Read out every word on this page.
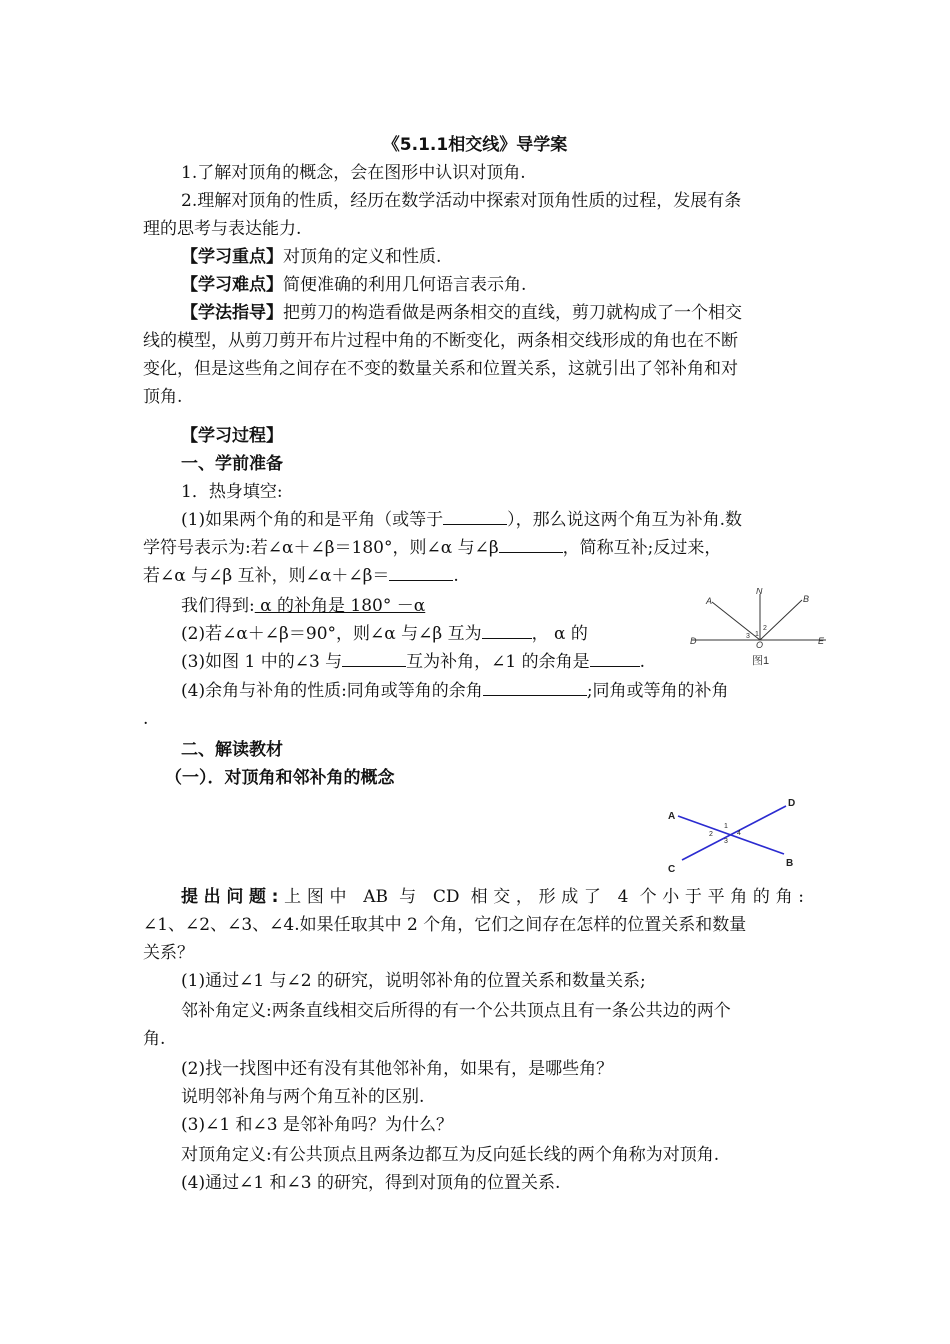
《5.1.1相交线》导学案
1.了解对顶角的概念，会在图形中认识对顶角.
2.理解对顶角的性质，经历在数学活动中探索对顶角性质的过程，发展有条
理的思考与表达能力.
【学习重点】对顶角的定义和性质.
【学习难点】简便准确的利用几何语言表示角.
【学法指导】把剪刀的构造看做是两条相交的直线，剪刀就构成了一个相交
线的模型，从剪刀剪开布片过程中角的不断变化，两条相交线形成的角也在不断
变化，但是这些角之间存在不变的数量关系和位置关系，这就引出了邻补角和对
顶角.
【学习过程】
一、学前准备
1．热身填空:
(1)如果两个角的和是平角（或等于	），那么说这两个角互为补角.数
学符号表示为:若∠α＋∠β＝180°，则∠α 与∠β	，简称互补;反过来，
若∠α 与∠β 互补，则∠α＋∠β＝	.
我们得到: α 的补角是 180° －α
(2)若∠α＋∠β＝90°，则∠α 与∠β 互为	， α 的
(3)如图 1 中的∠3 与	互为补角，∠1 的余角是	.
(4)余角与补角的性质:同角或等角的余角	;同角或等角的补角
.
A
N
B
D	O	E
1
2
3
图1
二、解读教材
（一）．对顶角和邻补角的概念
A
B
C
D
1
2
3
4
提出问题:上图中 AB 与 CD 相交，形成了 4 个小于平角的角:
∠1、∠2、∠3、∠4.如果任取其中 2 个角，它们之间存在怎样的位置关系和数量
关系？
(1)通过∠1 与∠2 的研究，说明邻补角的位置关系和数量关系;
邻补角定义:两条直线相交后所得的有一个公共顶点且有一条公共边的两个
角.
(2)找一找图中还有没有其他邻补角，如果有，是哪些角？
说明邻补角与两个角互补的区别.
(3)∠1 和∠3 是邻补角吗？为什么？
对顶角定义:有公共顶点且两条边都互为反向延长线的两个角称为对顶角.
(4)通过∠1 和∠3 的研究，得到对顶角的位置关系.
